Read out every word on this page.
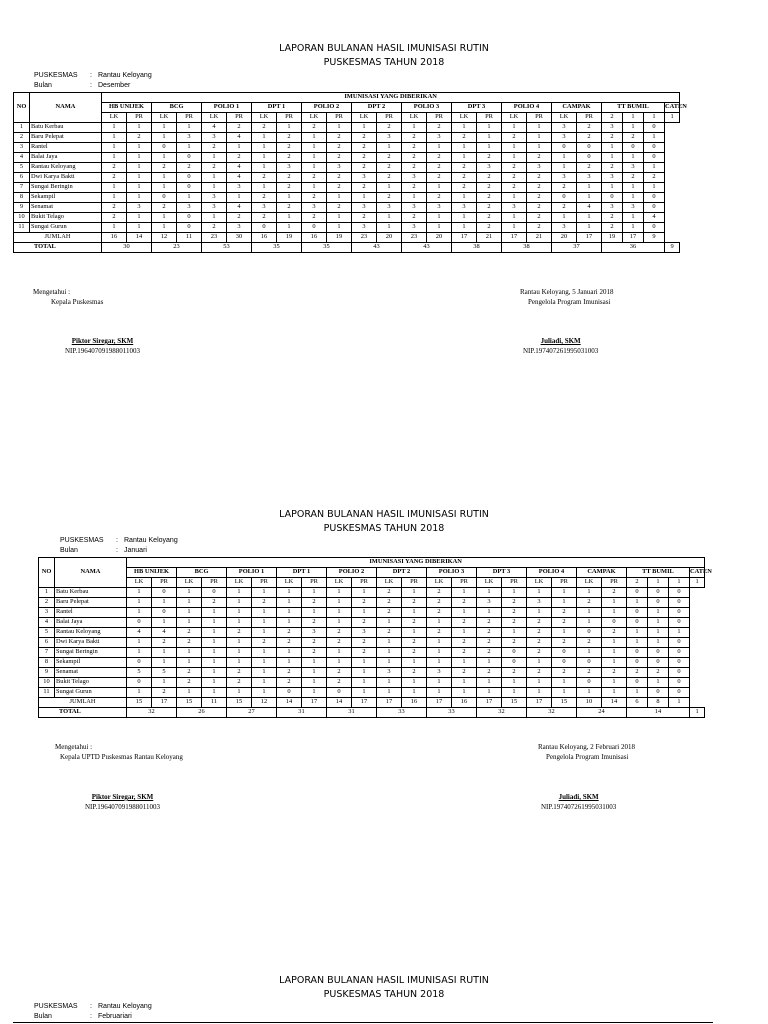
LAPORAN BULANAN HASIL IMUNISASI RUTIN
PUSKESMAS TAHUN 2018
PUSKESMAS : Rantau Keloyang
Bulan	: Desember
NO	NAMA	IMUNISASI YANG DIBERIKAN																							
		HB UNIJEK		BCG		POLIO 1		DPT 1		POLIO 2		DPT 2		POLIO 3		DPT 3		POLIO 4		CAMPAK		TT BUMIL			CATEN
		LK	PR	LK	PR	LK	PR	LK	PR	LK	PR	LK	PR	LK	PR	LK	PR	LK	PR	LK	PR	2	1	1	1
1	Batu Kerbau	1	1	1	1	4	2	2	1	2	1	1	2	1	2	1	1	1	1	3	2	3	1	0	
2	Baru Pelepat	1	2	1	3	3	4	1	2	1	2	2	3	2	3	2	1	2	1	3	2	2	2	1	
3	Rantel	1	1	0	1	2	1	1	2	1	2	2	1	2	1	1	1	1	1	0	0	1	0	0	
4	Balai Jaya	1	1	1	0	1	2	1	2	1	2	2	2	2	2	1	2	1	2	1	0	1	1	0	
5	Rantau Keloyang	2	1	2	2	2	4	1	3	1	3	2	2	2	2	2	3	2	3	1	2	2	3	1	
6	Dwi Karya Bakti	2	1	1	0	1	4	2	2	2	2	3	2	3	2	2	2	2	2	3	3	3	2	2	
7	Sungai Beringin	1	1	1	0	1	3	1	2	1	2	2	1	2	1	2	2	2	2	2	1	1	1	1	
8	Sekampil	1	1	0	1	3	1	2	1	2	1	1	2	1	2	1	2	1	2	0	1	0	1	0	
9	Senamat	2	3	2	3	3	4	3	2	3	2	3	3	3	3	3	2	3	2	2	4	3	3	0	
10	Bukit Telago	2	1	1	0	1	2	2	1	2	1	2	1	2	1	1	2	1	2	1	1	2	1	4	
11	Sungai Gurun	1	1	1	0	2	3	0	1	0	1	3	1	3	1	1	2	1	2	3	1	2	1	0	
JUMLAH		16	14	12	11	23	30	16	19	16	19	23	20	23	20	17	21	17	21	20	17	19	17	9	
TOTAL		30		23		53		35		35		43		43		38		38		37		36			9
Mengetahui :
Kepala Puskesmas
Piktor Siregar, SKM
NIP.196407091988011003
Rantau Keloyang, 5 Januari 2018
Pengelola Program Imunisasi
Juliadi, SKM
NIP.197407261995031003
LAPORAN BULANAN HASIL IMUNISASI RUTIN
PUSKESMAS TAHUN 2018
PUSKESMAS : Rantau Keloyang
Bulan	: Januari
NO	NAMA	IMUNISASI YANG DIBERIKAN																							
		HB UNIJEK		BCG		POLIO 1		DPT 1		POLIO 2		DPT 2		POLIO 3		DPT 3		POLIO 4		CAMPAK		TT BUMIL			CATEN
		LK	PR	LK	PR	LK	PR	LK	PR	LK	PR	LK	PR	LK	PR	LK	PR	LK	PR	LK	PR	2	1	1	1
1	Batu Kerbau	1	0	1	0	1	1	1	1	1	1	2	1	2	1	1	1	1	1	1	2	0	0	0	
2	Baru Pelepat	1	1	1	2	1	2	1	2	1	2	2	2	2	2	3	2	3	1	2	1	1	0	0	
3	Rantel	1	0	1	1	1	1	1	1	1	1	2	1	2	1	1	2	1	2	1	1	0	1	0	
4	Balai Jaya	0	1	1	1	1	1	1	2	1	2	1	2	1	2	2	2	2	2	1	0	0	1	0	
5	Rantau Keloyang	4	4	2	1	2	1	2	3	2	3	2	1	2	1	2	1	2	1	0	2	1	1	1	
6	Dwi Karya Bakti	1	2	2	1	1	2	2	2	2	2	1	2	1	2	2	2	2	2	2	1	1	1	0	
7	Sungai Beringin	1	1	1	1	1	1	1	2	1	2	1	2	1	2	2	0	2	0	1	1	0	0	0	
8	Sekampil	0	1	1	1	1	1	1	1	1	1	1	1	1	1	1	0	1	0	0	1	0	0	0	
9	Senamat	5	5	2	1	2	1	2	1	2	1	3	2	3	2	2	2	2	2	2	2	2	2	0	
10	Bukit Telago	0	1	2	1	2	1	2	1	2	1	1	1	1	1	1	1	1	1	0	1	0	1	0	
11	Sungai Gurun	1	2	1	1	1	1	0	1	0	1	1	1	1	1	1	1	1	1	1	1	1	0	0	
JUMLAH		15	17	15	11	15	12	14	17	14	17	17	16	17	16	17	15	17	15	10	14	6	8	1	
TOTAL		32		26		27		31		31		33		33		32		32		24		14			1
Mengetahui :
Kepala UPTD Puskesmas Rantau Keloyang
Piktor Siregar, SKM
NIP.196407091988011003
Rantau Keloyang, 2 Februari 2018
Pengelola Program Imunisasi
Juliadi, SKM
NIP.197407261995031003
LAPORAN BULANAN HASIL IMUNISASI RUTIN
PUSKESMAS TAHUN 2018
PUSKESMAS : Rantau Keloyang
Bulan	: Februariari
